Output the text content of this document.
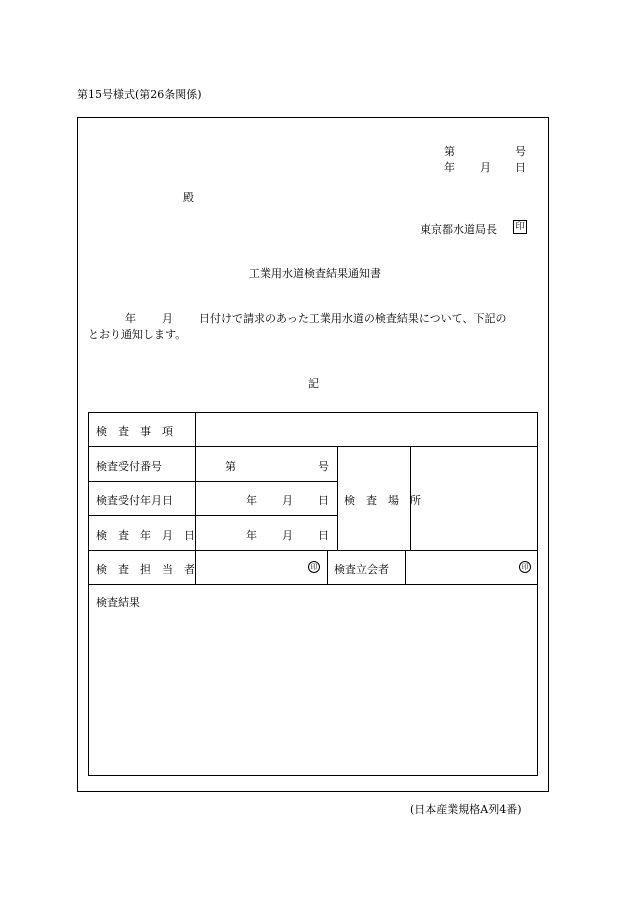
第15号様式(第26条関係)
第	号
年 月 日
殿
東京都水道局長 印
工業用水道検査結果通知書
年 月 日付けで請求のあった工業用水道の検査結果について、下記の
とおり通知します。
記
検　査　事　項
検査受付番号	第	号
検査受付年月日	年 月 日
検　査　年　月　日	年 月 日
検　査　場　所
検　査　担　当　者	印 検査立会者	印
検査結果
(日本産業規格A列4番)
